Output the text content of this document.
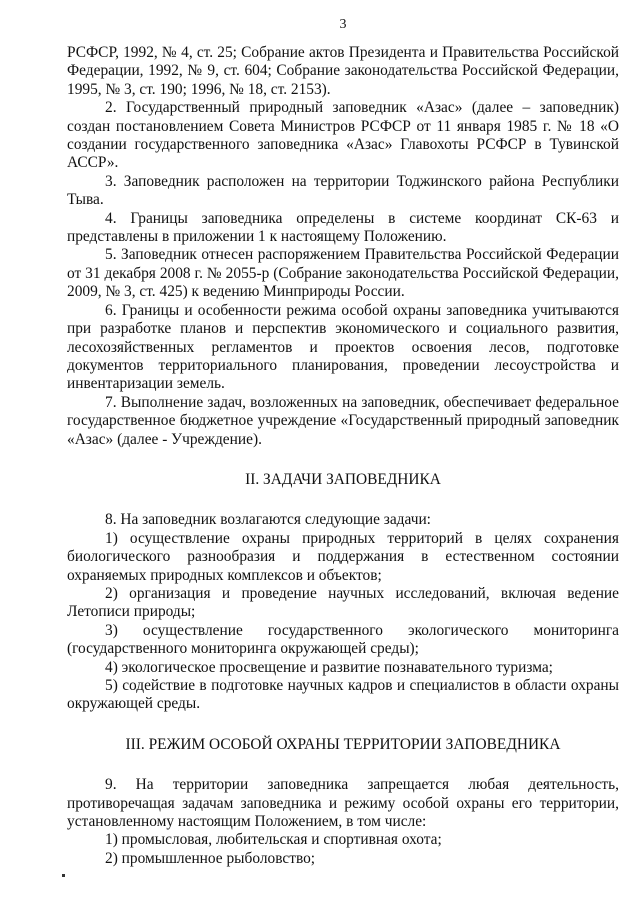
3

РСФСР, 1992, № 4, ст. 25; Собрание актов Президента и Правительства Российской Федерации, 1992, № 9, ст. 604; Собрание законодательства Российской Федерации, 1995, № 3, ст. 190; 1996, № 18, ст. 2153).

2. Государственный природный заповедник «Азас» (далее – заповедник) создан постановлением Совета Министров РСФСР от 11 января 1985 г. № 18 «О создании государственного заповедника «Азас» Главохоты РСФСР в Тувинской АССР».

3. Заповедник расположен на территории Тоджинского района Республики Тыва.

4. Границы заповедника определены в системе координат СК-63 и представлены в приложении 1 к настоящему Положению.

5. Заповедник отнесен распоряжением Правительства Российской Федерации от 31 декабря 2008 г. № 2055-р (Собрание законодательства Российской Федерации, 2009, № 3, ст. 425) к ведению Минприроды России.

6. Границы и особенности режима особой охраны заповедника учитываются при разработке планов и перспектив экономического и социального развития, лесохозяйственных регламентов и проектов освоения лесов, подготовке документов территориального планирования, проведении лесоустройства и инвентаризации земель.

7. Выполнение задач, возложенных на заповедник, обеспечивает федеральное государственное бюджетное учреждение «Государственный природный заповедник «Азас» (далее - Учреждение).

II. ЗАДАЧИ ЗАПОВЕДНИКА

8. На заповедник возлагаются следующие задачи:

1) осуществление охраны природных территорий в целях сохранения биологического разнообразия и поддержания в естественном состоянии охраняемых природных комплексов и объектов;

2) организация и проведение научных исследований, включая ведение Летописи природы;

3) осуществление государственного экологического мониторинга (государственного мониторинга окружающей среды);

4) экологическое просвещение и развитие познавательного туризма;

5) содействие в подготовке научных кадров и специалистов в области охраны окружающей среды.

III. РЕЖИМ ОСОБОЙ ОХРАНЫ ТЕРРИТОРИИ ЗАПОВЕДНИКА

9. На территории заповедника запрещается любая деятельность, противоречащая задачам заповедника и режиму особой охраны его территории, установленному настоящим Положением, в том числе:

1) промысловая, любительская и спортивная охота;

2) промышленное рыболовство;
